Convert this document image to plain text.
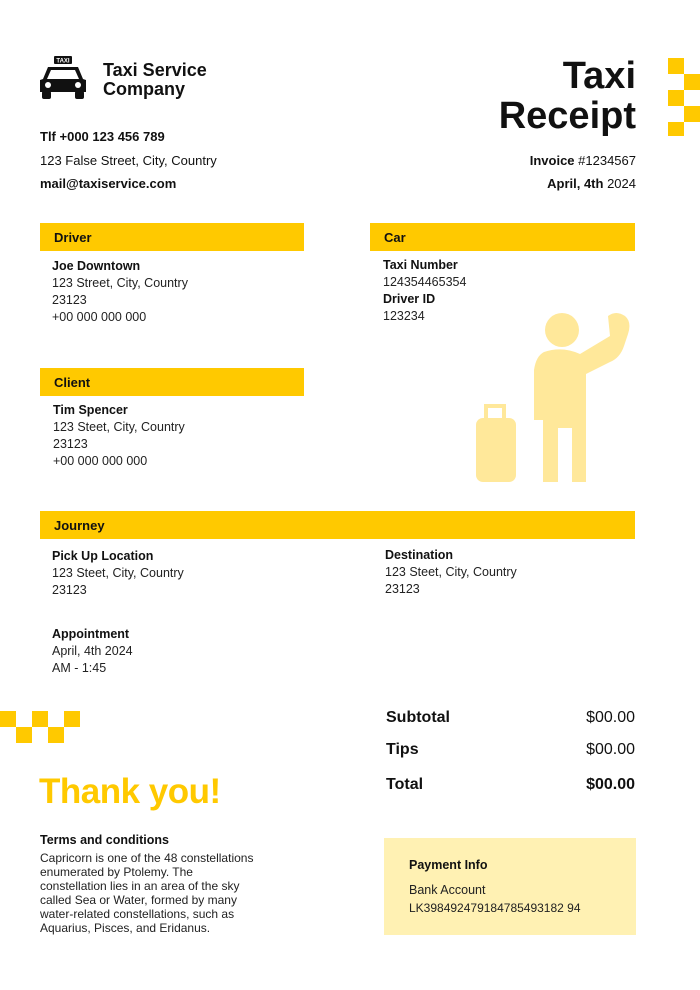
TAXI Taxi Service
Company
Tlf +000 123 456 789
123 False Street, City, Country
mail@taxiservice.com
Taxi
Receipt
Invoice #1234567
April, 4th 2024
Driver
Joe Downtown
123 Street, City, Country
23123
+00 000 000 000
Car
Taxi Number
124354465354
Driver ID
123234
Client
Tim Spencer
123 Steet, City, Country
23123
+00 000 000 000
Journey
Pick Up Location
123 Steet, City, Country
23123
Destination
123 Steet, City, Country
23123
Appointment
April, 4th 2024
AM - 1:45
Subtotal	$00.00
Tips	$00.00
Total	$00.00
Thank you!
Terms and conditions
Capricorn is one of the 48 constellations
enumerated by Ptolemy. The
constellation lies in an area of the sky
called Sea or Water, formed by many
water-related constellations, such as
Aquarius, Pisces, and Eridanus.
Payment Info
Bank Account
LK398492479184785493182 94
